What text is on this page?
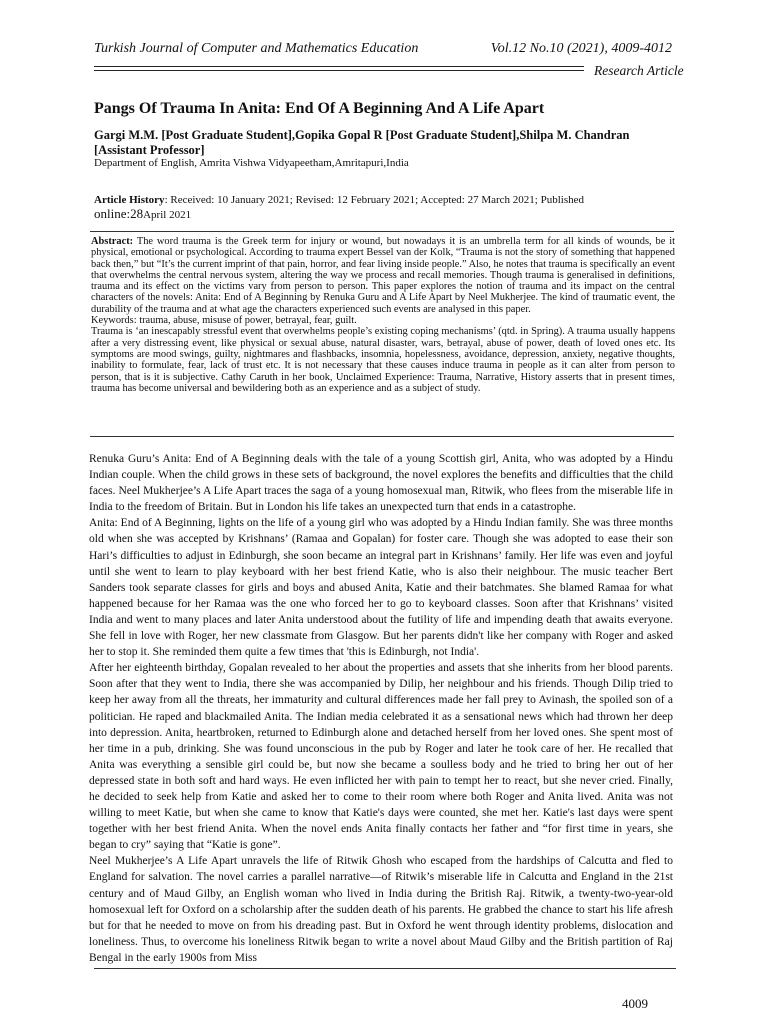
Turkish Journal of Computer and Mathematics Education	Vol.12 No.10 (2021), 4009-4012
Research Article
Pangs Of Trauma In Anita: End Of A Beginning And A Life Apart
Gargi M.M. [Post Graduate Student],Gopika Gopal R [Post Graduate Student],Shilpa M. Chandran [Assistant Professor]
Department of English, Amrita Vishwa Vidyapeetham,Amritapuri,India
Article History: Received: 10 January 2021; Revised: 12 February 2021; Accepted: 27 March 2021; Published
online:28April 2021

Abstract: The word trauma is the Greek term for injury or wound, but nowadays it is an umbrella term for all kinds of wounds, be it physical, emotional or psychological. According to trauma expert Bessel van der Kolk, “Trauma is not the story of something that happened back then,” but “It’s the current imprint of that pain, horror, and fear living inside people.” Also, he notes that trauma is specifically an event that overwhelms the central nervous system, altering the way we process and recall memories. Though trauma is generalised in definitions, trauma and its effect on the victims vary from person to person. This paper explores the notion of trauma and its impact on the central characters of the novels: Anita: End of A Beginning by Renuka Guru and A Life Apart by Neel Mukherjee. The kind of traumatic event, the durability of the trauma and at what age the characters experienced such events are analysed in this paper.

Keywords: trauma, abuse, misuse of power, betrayal, fear, guilt.

Trauma is ‘an inescapably stressful event that overwhelms people’s existing coping mechanisms’ (qtd. in Spring). A trauma usually happens after a very distressing event, like physical or sexual abuse, natural disaster, wars, betrayal, abuse of power, death of loved ones etc. Its symptoms are mood swings, guilty, nightmares and flashbacks, insomnia, hopelessness, avoidance, depression, anxiety, negative thoughts, inability to formulate, fear, lack of trust etc. It is not necessary that these causes induce trauma in people as it can alter from person to person, that is it is subjective. Cathy Caruth in her book, Unclaimed Experience: Trauma, Narrative, History asserts that in present times, trauma has become universal and bewildering both as an experience and as a subject of study.

Renuka Guru’s Anita: End of A Beginning deals with the tale of a young Scottish girl, Anita, who was adopted by a Hindu Indian couple. When the child grows in these sets of background, the novel explores the benefits and difficulties that the child faces. Neel Mukherjee’s A Life Apart traces the saga of a young homosexual man, Ritwik, who flees from the miserable life in India to the freedom of Britain. But in London his life takes an unexpected turn that ends in a catastrophe.

Anita: End of A Beginning, lights on the life of a young girl who was adopted by a Hindu Indian family. She was three months old when she was accepted by Krishnans’ (Ramaa and Gopalan) for foster care. Though she was adopted to ease their son Hari’s difficulties to adjust in Edinburgh, she soon became an integral part in Krishnans’ family. Her life was even and joyful until she went to learn to play keyboard with her best friend Katie, who is also their neighbour. The music teacher Bert Sanders took separate classes for girls and boys and abused Anita, Katie and their batchmates. She blamed Ramaa for what happened because for her Ramaa was the one who forced her to go to keyboard classes. Soon after that Krishnans’ visited India and went to many places and later Anita understood about the futility of life and impending death that awaits everyone. She fell in love with Roger, her new classmate from Glasgow. But her parents didn't like her company with Roger and asked her to stop it. She reminded them quite a few times that 'this is Edinburgh, not India'.

After her eighteenth birthday, Gopalan revealed to her about the properties and assets that she inherits from her blood parents. Soon after that they went to India, there she was accompanied by Dilip, her neighbour and his friends. Though Dilip tried to keep her away from all the threats, her immaturity and cultural differences made her fall prey to Avinash, the spoiled son of a politician. He raped and blackmailed Anita. The Indian media celebrated it as a sensational news which had thrown her deep into depression. Anita, heartbroken, returned to Edinburgh alone and detached herself from her loved ones. She spent most of her time in a pub, drinking. She was found unconscious in the pub by Roger and later he took care of her. He recalled that Anita was everything a sensible girl could be, but now she became a soulless body and he tried to bring her out of her depressed state in both soft and hard ways. He even inflicted her with pain to tempt her to react, but she never cried. Finally, he decided to seek help from Katie and asked her to come to their room where both Roger and Anita lived. Anita was not willing to meet Katie, but when she came to know that Katie's days were counted, she met her. Katie's last days were spent together with her best friend Anita. When the novel ends Anita finally contacts her father and “for first time in years, she began to cry” saying that “Katie is gone”.

Neel Mukherjee’s A Life Apart unravels the life of Ritwik Ghosh who escaped from the hardships of Calcutta and fled to England for salvation. The novel carries a parallel narrative—of Ritwik’s miserable life in Calcutta and England in the 21st century and of Maud Gilby, an English woman who lived in India during the British Raj. Ritwik, a twenty-two-year-old homosexual left for Oxford on a scholarship after the sudden death of his parents. He grabbed the chance to start his life afresh but for that he needed to move on from his dreading past. But in Oxford he went through identity problems, dislocation and loneliness. Thus, to overcome his loneliness Ritwik began to write a novel about Maud Gilby and the British partition of Raj Bengal in the early 1900s from Miss

4009
